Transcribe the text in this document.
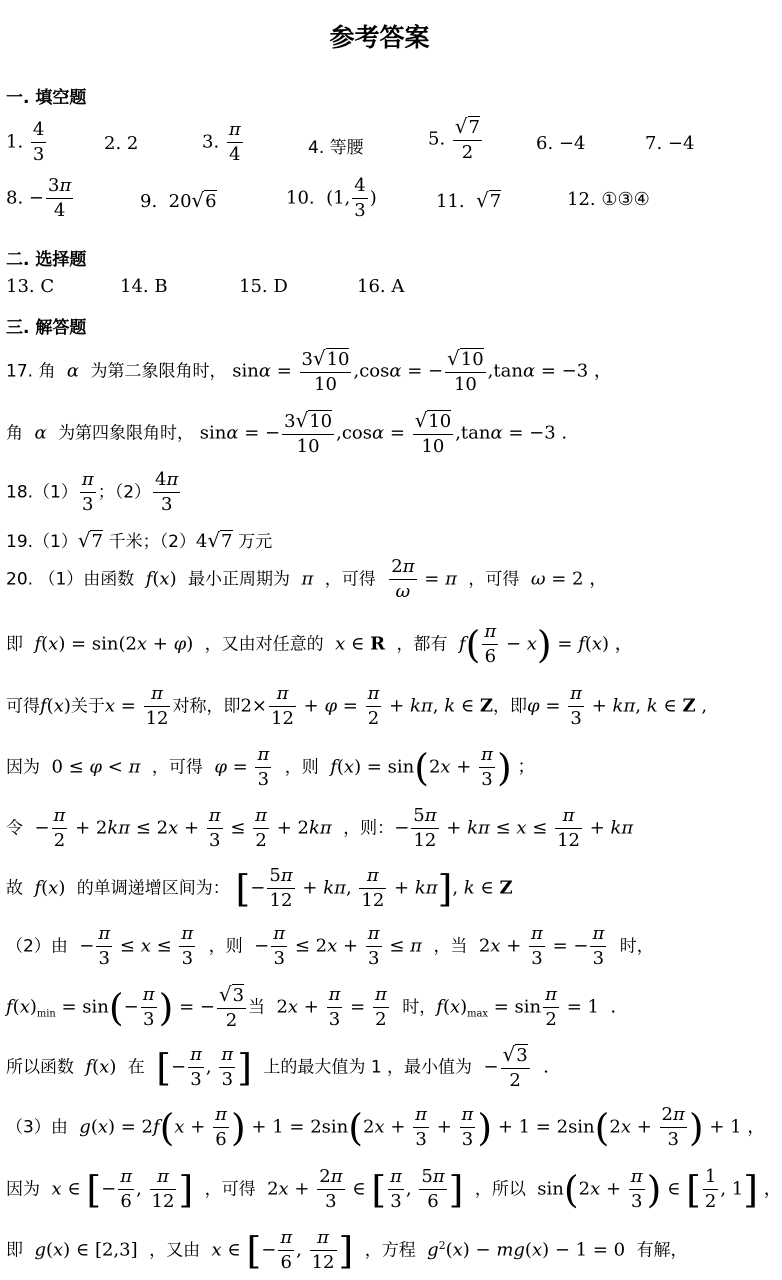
参考答案
一. 填空题
1. $\frac{4}{3}$	2. 2	3. $\frac{\pi}{4}$	4. 等腰	5. $\frac{√7}{2}$	6. −4	7. −4
8. − $\frac{3\pi}{4}$	9.  20√6	10.  (1, $\frac{4}{3}$ )	11. √7	12. ①③④
二. 选择题
13. C	14. B	15. D	16. A
三. 解答题
17. 角 α 为第二象限角时， $\sin\alpha = \frac{3√10}{10} ,\cos\alpha$ = − $\frac{√10}{10} ,\tan\alpha = -3$ ，
角 α 为第四象限角时， sinα = − $\frac{3√10}{10} ,\cos\alpha = \frac{√10}{10} ,\tan\alpha = -3$ .
$18.(1) \frac{\pi}{3}$ ；$(2) \frac{4\pi}{3}$
19.（1）√7 千米；（2）4√7 万元
20. （1）由函数 f(x)  最小正周期为 π ，可得 $\frac{2\pi}{\omega} = \pi$ ，可得 ω = 2 ，
即 f(x) = sin(2x + φ)  ，又由对任意的 x ∈ R ，都有 $f( \frac{\pi}{6} - x) = f(x)$ ，
可得f(x)关于$x = \frac{\pi}{12}$ 对称，即$2\times \frac{\pi}{12} + \varphi = \frac{\pi}{2} + k\pi$, k ∈ Z，即$\varphi = \frac{\pi}{3} + k\pi$, k ∈ Z ,
因为  0 ≤ φ < π ，可得 $\varphi = \frac{\pi}{3}$ ，则 $f(x) = \sin(2x + \frac{\pi}{3}$ ) ；
令  − $\frac{\pi}{2} + 2k\pi \le 2x + \frac{\pi}{3} \le \frac{\pi}{2} + 2k\pi$ ，则：− $\frac{5\pi}{12} + k\pi \le x \le \frac{\pi}{12} + k\pi$
故 f(x)  的单调递增区间为： [− $\frac{5\pi}{12} + k\pi$, $\frac{\pi}{12} + k\pi$], k ∈ Z
（2）由  − $\frac{\pi}{3} \le x \le \frac{\pi}{3}$ ，则  − $\frac{\pi}{3} \le 2x + \frac{\pi}{3} \le \pi$ ，当  $2x + \frac{\pi}{3}$ = − $\frac{\pi}{3}$ 时，
$f(x)_{min} = \sin(- \frac{\pi}{3}$ ) = − $\frac{√3}{2}$ 当  $2x + \frac{\pi}{3} = \frac{\pi}{2}$ 时，$f(x)_{max} = \sin \frac{\pi}{2} = 1$  .
所以函数 f(x)  在 [− $\frac{\pi}{3}$ , $\frac{\pi}{3}$ ] 上的最大值为 1 ，最小值为  − $\frac{√3}{2}$ .
（3）由 $g(x) = 2f(x + \frac{\pi}{6}$ ) + $1 = 2\sin(2x + \frac{\pi}{3} + \frac{\pi}{3}$ ) + $1 = 2\sin(2x + \frac{2\pi}{3}$ ) + 1 ，
因为 x ∈ [− $\frac{\pi}{6}$ , $\frac{\pi}{12}$ ] ，可得  $2x + \frac{2\pi}{3}$ ∈ [ $\frac{\pi}{3}$ , $\frac{5\pi}{6}$ ] ，所以  $\sin(2x + \frac{\pi}{3}$ ) ∈ [ $\frac{1}{2}$ , 1] ，
即 g(x) ∈ [2,3]  ，又由 x ∈ [− $\frac{\pi}{6}$ , $\frac{\pi}{12}$ ] ，方程 $g^2(x) - mg(x) - 1 = 0$  有解，
